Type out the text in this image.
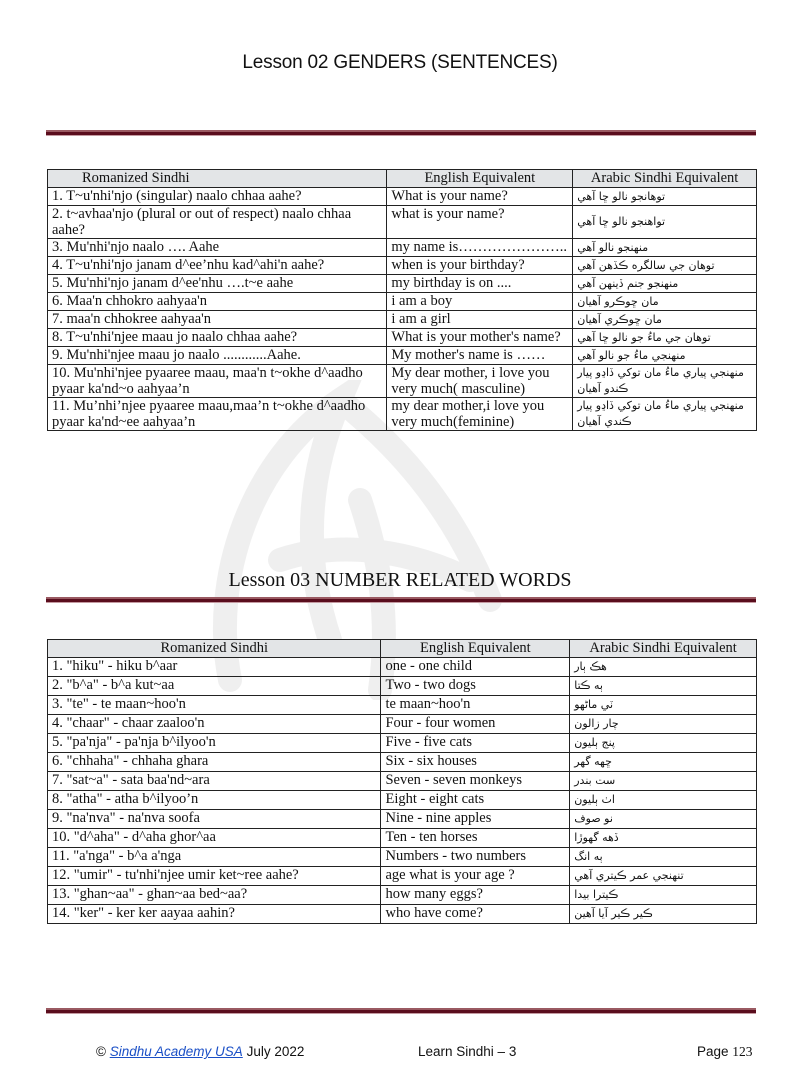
Lesson 02 GENDERS (SENTENCES)
Romanized Sindhi	English Equivalent	Arabic Sindhi Equivalent
1. T~u'nhi'njo (singular) naalo chhaa aahe?	What is your name?	توهانجو نالو ڇا آهي
2. t~avhaa'njo (plural or out of respect) naalo chhaa aahe?	what is your name?	تواهنجو نالو ڇا آهي
3. Mu'nhi'njo naalo …. Aahe	my name is…………………..	منهنجو نالو آهي
4. T~u'nhi'njo janam d^ee’nhu kad^ahi'n aahe?	when is your birthday?	توهان جي سالگره ڪڏهن آهي
5. Mu'nhi'njo janam d^ee'nhu ….t~e aahe	my birthday is on ....	منهنجو جنم ڏينهن آهي
6. Maa'n chhokro aahyaa'n	i am a boy	مان ڇوڪرو آهيان
7. maa'n chhokree aahyaa'n	i am a girl	مان ڇوڪري آهيان
8. T~u'nhi'njee maau jo naalo chhaa aahe?	What is your mother's name?	توهان جي ماءُ جو نالو ڇا آهي
9. Mu'nhi'njee maau jo naalo ............Aahe.	My mother's name is ……	منهنجي ماءُ جو نالو آهي
10. Mu'nhi'njee pyaaree maau, maa'n t~okhe d^aadho pyaar ka'nd~o aahyaa’n	My dear mother, i love you very much( masculine)	منهنجي پياري ماءُ مان توکي ڏاڍو پيار ڪندو آهيان
11. Mu’nhi’njee pyaaree maau,maa’n t~okhe d^aadho pyaar ka'nd~ee aahyaa’n	my dear mother,i love you very much(feminine)	منهنجي پياري ماءُ مان توکي ڏاڍو پيار ڪندي آهيان
Lesson 03 NUMBER RELATED WORDS
Romanized Sindhi	English Equivalent	Arabic Sindhi Equivalent
1. "hiku" - hiku b^aar	one - one child	هڪ ٻار
2. "b^a" - b^a kut~aa	Two - two dogs	ٻه ڪتا
3. "te" - te maan~hoo'n	te maan~hoo'n	ٽي ماڻهو
4. "chaar" - chaar zaaloo'n	Four - four women	چار زالون
5. "pa'nja" - pa'nja b^ilyoo'n	Five - five cats	پنج ٻليون
6. "chhaha" - chhaha ghara	Six - six houses	ڇهه گهر
7. "sat~a" - sata baa'nd~ara	Seven - seven monkeys	ست بندر
8. "atha" - atha b^ilyoo’n	Eight - eight cats	اٺ ٻليون
9. "na'nva" - na'nva soofa	Nine - nine apples	نو صوف
10. "d^aha" - d^aha ghor^aa	Ten - ten horses	ڏهه گهوڙا
11. "a'nga" - b^a a'nga	Numbers - two numbers	ٻه انگ
12. "umir" - tu'nhi'njee umir ket~ree aahe?	age what is your age ?	تنهنجي عمر ڪيتري آهي
13. "ghan~aa" - ghan~aa bed~aa?	how many eggs?	ڪيترا بيدا
14. "ker" - ker ker aayaa aahin?	who have come?	ڪير ڪير آيا آهين
© Sindhu Academy USA July 2022	Learn Sindhi – 3	Page 123
